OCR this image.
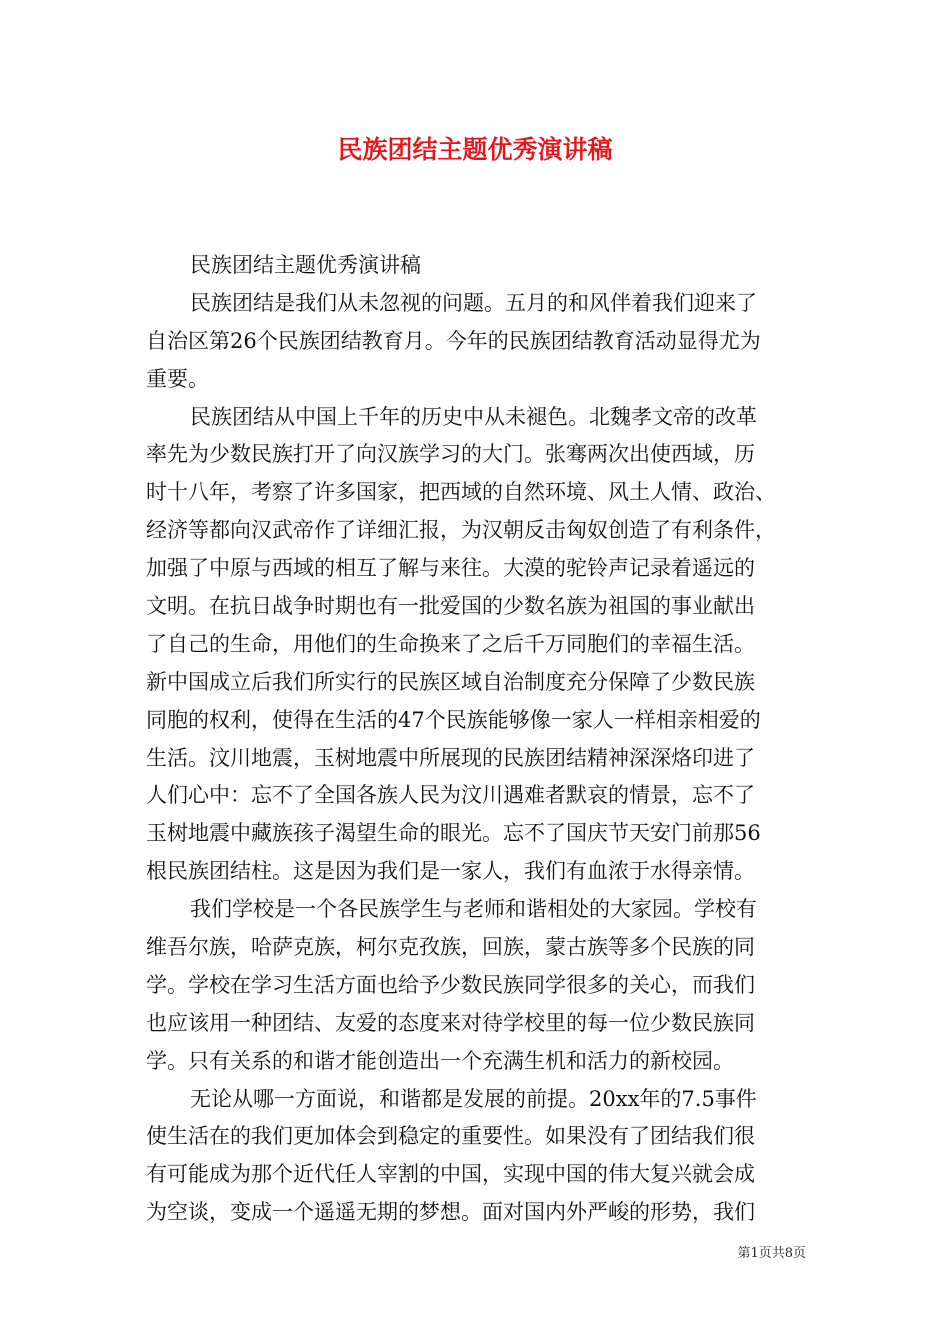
民族团结主题优秀演讲稿
民族团结主题优秀演讲稿
民族团结是我们从未忽视的问题。五月的和风伴着我们迎来了
自治区第26个民族团结教育月。今年的民族团结教育活动显得尤为
重要。
民族团结从中国上千年的历史中从未褪色。北魏孝文帝的改革
率先为少数民族打开了向汉族学习的大门。张骞两次出使西域，历
时十八年，考察了许多国家，把西域的自然环境、风土人情、政治、
经济等都向汉武帝作了详细汇报，为汉朝反击匈奴创造了有利条件，
加强了中原与西域的相互了解与来往。大漠的驼铃声记录着遥远的
文明。在抗日战争时期也有一批爱国的少数名族为祖国的事业献出
了自己的生命，用他们的生命换来了之后千万同胞们的幸福生活。
新中国成立后我们所实行的民族区域自治制度充分保障了少数民族
同胞的权利，使得在生活的47个民族能够像一家人一样相亲相爱的
生活。汶川地震，玉树地震中所展现的民族团结精神深深烙印进了
人们心中：忘不了全国各族人民为汶川遇难者默哀的情景，忘不了
玉树地震中藏族孩子渴望生命的眼光。忘不了国庆节天安门前那56
根民族团结柱。这是因为我们是一家人，我们有血浓于水得亲情。
我们学校是一个各民族学生与老师和谐相处的大家园。学校有
维吾尔族，哈萨克族，柯尔克孜族，回族，蒙古族等多个民族的同
学。学校在学习生活方面也给予少数民族同学很多的关心，而我们
也应该用一种团结、友爱的态度来对待学校里的每一位少数民族同
学。只有关系的和谐才能创造出一个充满生机和活力的新校园。
无论从哪一方面说，和谐都是发展的前提。20xx年的7.5事件
使生活在的我们更加体会到稳定的重要性。如果没有了团结我们很
有可能成为那个近代任人宰割的中国，实现中国的伟大复兴就会成
为空谈，变成一个遥遥无期的梦想。面对国内外严峻的形势，我们
第1页共8页
